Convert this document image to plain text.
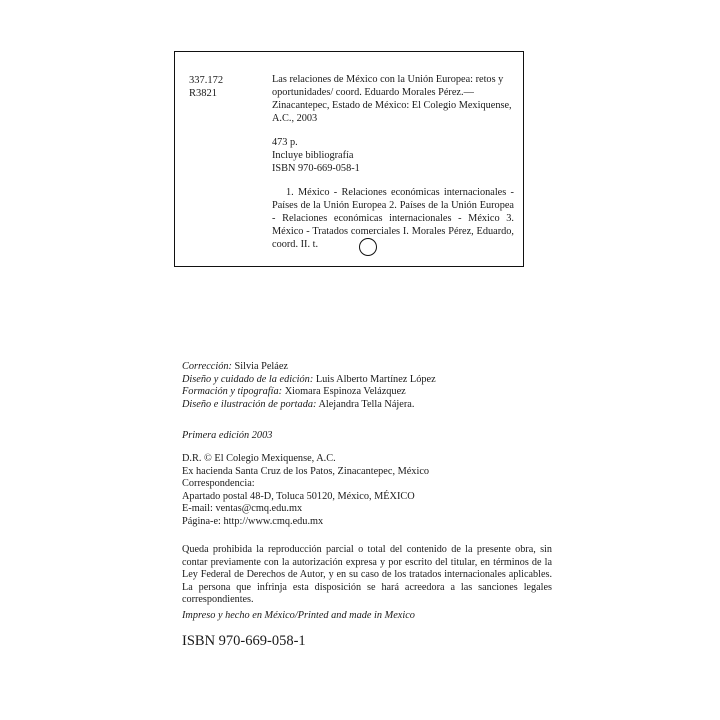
337.172
R3821

Las relaciones de México con la Unión Europea: retos y oportunidades/ coord. Eduardo Morales Pérez.—

Zinacantepec, Estado de México: El Colegio Mexiquense, A.C., 2003

473 p.
Incluye bibliografía
ISBN 970-669-058-1

1. México - Relaciones económicas internacionales - Países de la Unión Europea 2. Países de la Unión Europea - Relaciones económicas internacionales - México 3. México - Tratados comerciales I. Morales Pérez, Eduardo, coord. II. t.

Corrección: Silvia Peláez
Diseño y cuidado de la edición: Luis Alberto Martínez López
Formación y tipografía: Xiomara Espinoza Velázquez
Diseño e ilustración de portada: Alejandra Tella Nájera.
Primera edición 2003
D.R. © El Colegio Mexiquense, A.C.
Ex hacienda Santa Cruz de los Patos, Zinacantepec, México
Correspondencia:
Apartado postal 48-D, Toluca 50120, México, MÉXICO
E-mail: ventas@cmq.edu.mx
Página-e: http://www.cmq.edu.mx
Queda prohibida la reproducción parcial o total del contenido de la presente obra, sin contar previamente con la autorización expresa y por escrito del titular, en términos de la Ley Federal de Derechos de Autor, y en su caso de los tratados internacionales aplicables. La persona que infrinja esta disposición se hará acreedora a las sanciones legales correspondientes.
Impreso y hecho en México/Printed and made in Mexico
ISBN 970-669-058-1
